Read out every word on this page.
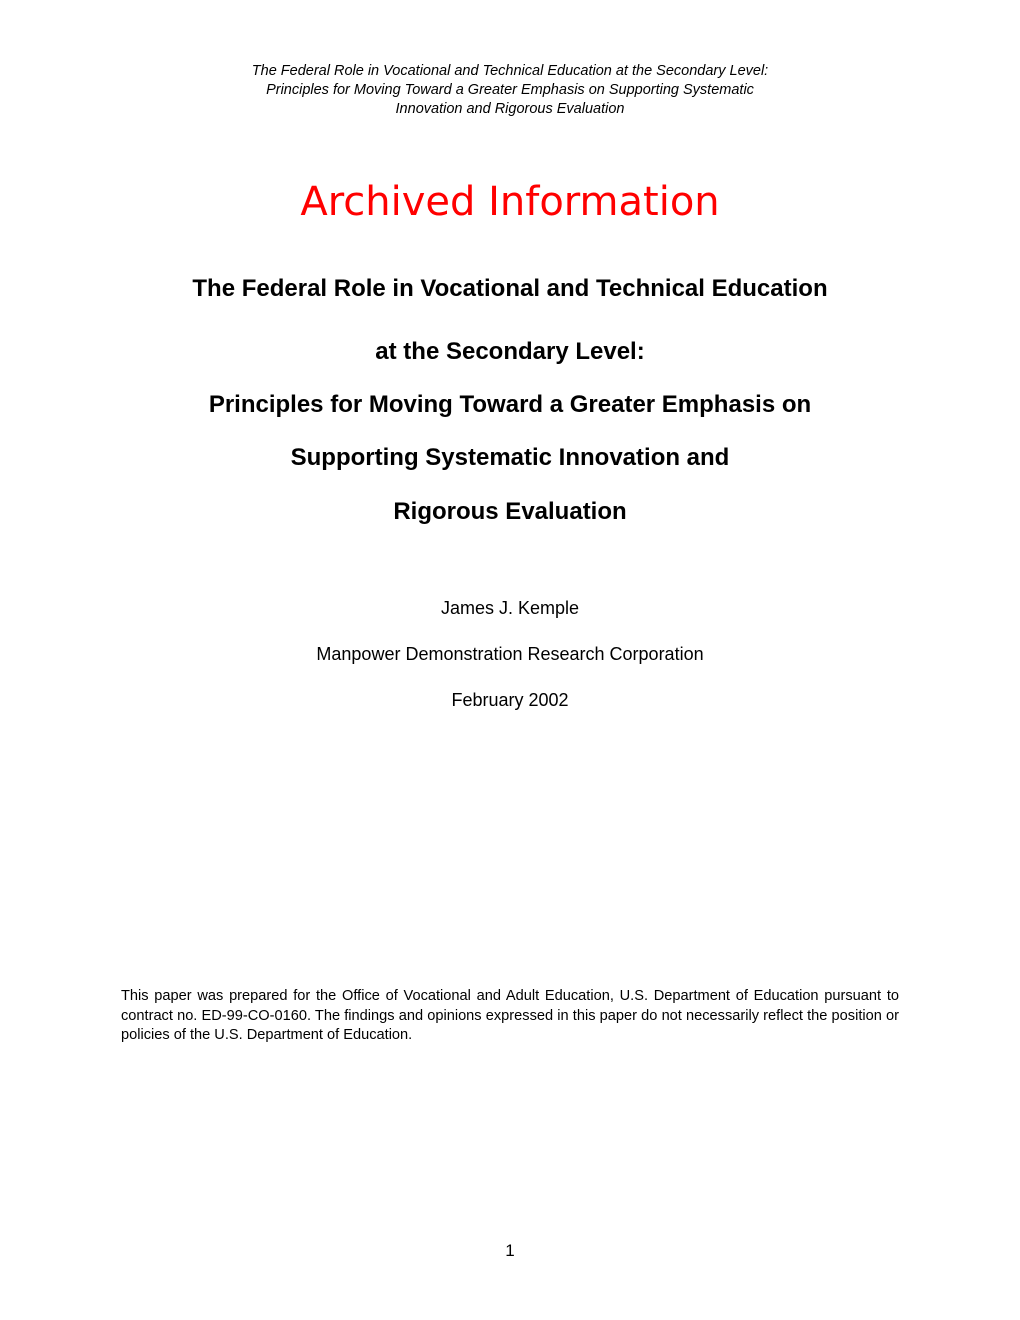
The Federal Role in Vocational and Technical Education at the Secondary Level:
Principles for Moving Toward a Greater Emphasis on Supporting Systematic
Innovation and Rigorous Evaluation
Archived Information
The Federal Role in Vocational and Technical Education
at the Secondary Level:
Principles for Moving Toward a Greater Emphasis on
Supporting Systematic Innovation and
Rigorous Evaluation
James J. Kemple
Manpower Demonstration Research Corporation
February 2002
This paper was prepared for the Office of Vocational and Adult Education, U.S. Department of Education pursuant to contract no. ED-99-CO-0160. The findings and opinions expressed in this paper do not necessarily reflect the position or policies of the U.S. Department of Education.
1
